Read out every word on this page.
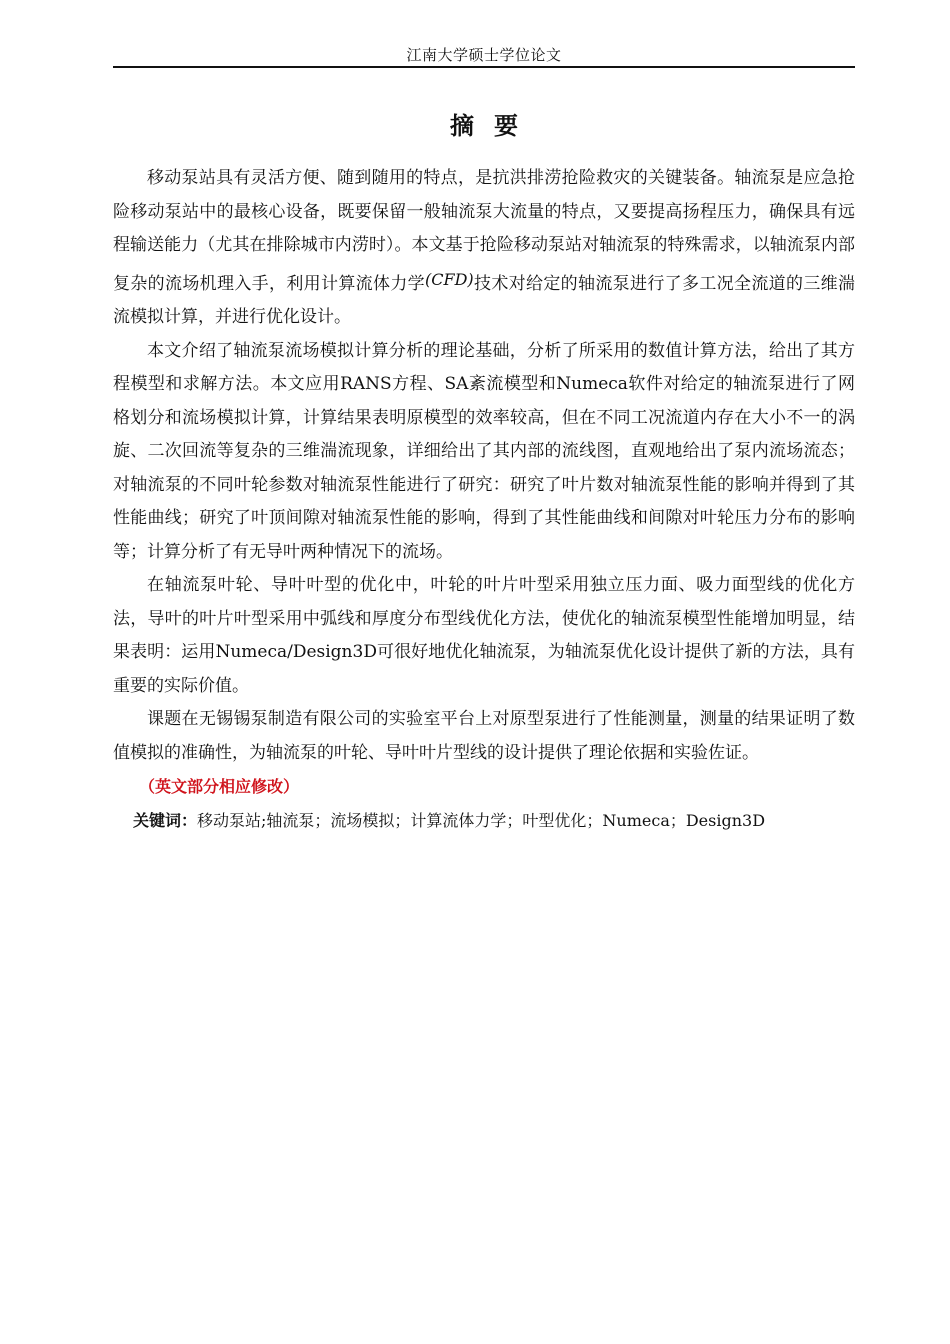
江南大学硕士学位论文
摘要

移动泵站具有灵活方便、随到随用的特点，是抗洪排涝抢险救灾的关键装备。轴流泵是应急抢险移动泵站中的最核心设备，既要保留一般轴流泵大流量的特点，又要提高扬程压力，确保具有远程输送能力（尤其在排除城市内涝时）。本文基于抢险移动泵站对轴流泵的特殊需求，以轴流泵内部复杂的流场机理入手，利用计算流体力学(CFD)技术对给定的轴流泵进行了多工况全流道的三维湍流模拟计算，并进行优化设计。

本文介绍了轴流泵流场模拟计算分析的理论基础，分析了所采用的数值计算方法，给出了其方程模型和求解方法。本文应用RANS方程、SA紊流模型和Numeca软件对给定的轴流泵进行了网格划分和流场模拟计算，计算结果表明原模型的效率较高，但在不同工况流道内存在大小不一的涡旋、二次回流等复杂的三维湍流现象，详细给出了其内部的流线图，直观地给出了泵内流场流态；对轴流泵的不同叶轮参数对轴流泵性能进行了研究：研究了叶片数对轴流泵性能的影响并得到了其性能曲线；研究了叶顶间隙对轴流泵性能的影响，得到了其性能曲线和间隙对叶轮压力分布的影响等；计算分析了有无导叶两种情况下的流场。

在轴流泵叶轮、导叶叶型的优化中，叶轮的叶片叶型采用独立压力面、吸力面型线的优化方法，导叶的叶片叶型采用中弧线和厚度分布型线优化方法，使优化的轴流泵模型性能增加明显，结果表明：运用Numeca/Design3D可很好地优化轴流泵，为轴流泵优化设计提供了新的方法，具有重要的实际价值。

课题在无锡锡泵制造有限公司的实验室平台上对原型泵进行了性能测量，测量的结果证明了数值模拟的准确性，为轴流泵的叶轮、导叶叶片型线的设计提供了理论依据和实验佐证。

（英文部分相应修改）
关键词：移动泵站;轴流泵；流场模拟；计算流体力学；叶型优化；Numeca；Design3D
